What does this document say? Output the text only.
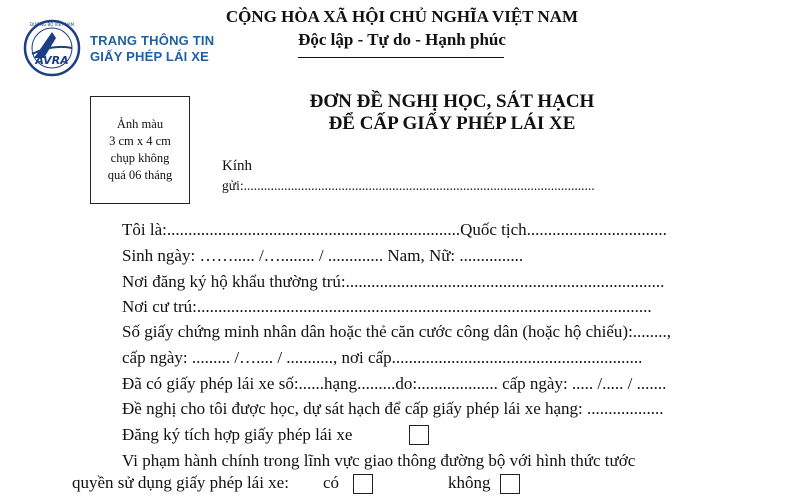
AVRA
ĐƯỜNG BỘ VIỆT NAM
TRANG THÔNG TIN
GIẤY PHÉP LÁI XE
CỘNG HÒA XÃ HỘI CHỦ NGHĨA VIỆT NAM
Độc lập - Tự do - Hạnh phúc
ĐƠN ĐỀ NGHỊ HỌC, SÁT HẠCH
ĐỂ CẤP GIẤY PHÉP LÁI XE
Ảnh màu
3 cm x 4 cm
chụp không
quá 06 tháng
Kính
gửi:........................................................................................................
Tôi là:.....................................................................Quốc tịch.................................
Sinh ngày: ……..... /…........ / ............. Nam, Nữ: ...............
Nơi đăng ký hộ khẩu thường trú:...........................................................................
Nơi cư trú:...........................................................................................................
Số giấy chứng minh nhân dân hoặc thẻ căn cước công dân (hoặc hộ chiếu):........,
cấp ngày: ......... /….... / ..........., nơi cấp...........................................................
Đã có giấy phép lái xe số:......hạng.........do:................... cấp ngày: ..... /..... / .......
Đề nghị cho tôi được học, dự sát hạch để cấp giấy phép lái xe hạng: ..................
Đăng ký tích hợp giấy phép lái xe
Vi phạm hành chính trong lĩnh vực giao thông đường bộ với hình thức tước
quyền sử dụng giấy phép lái xe: có	không
